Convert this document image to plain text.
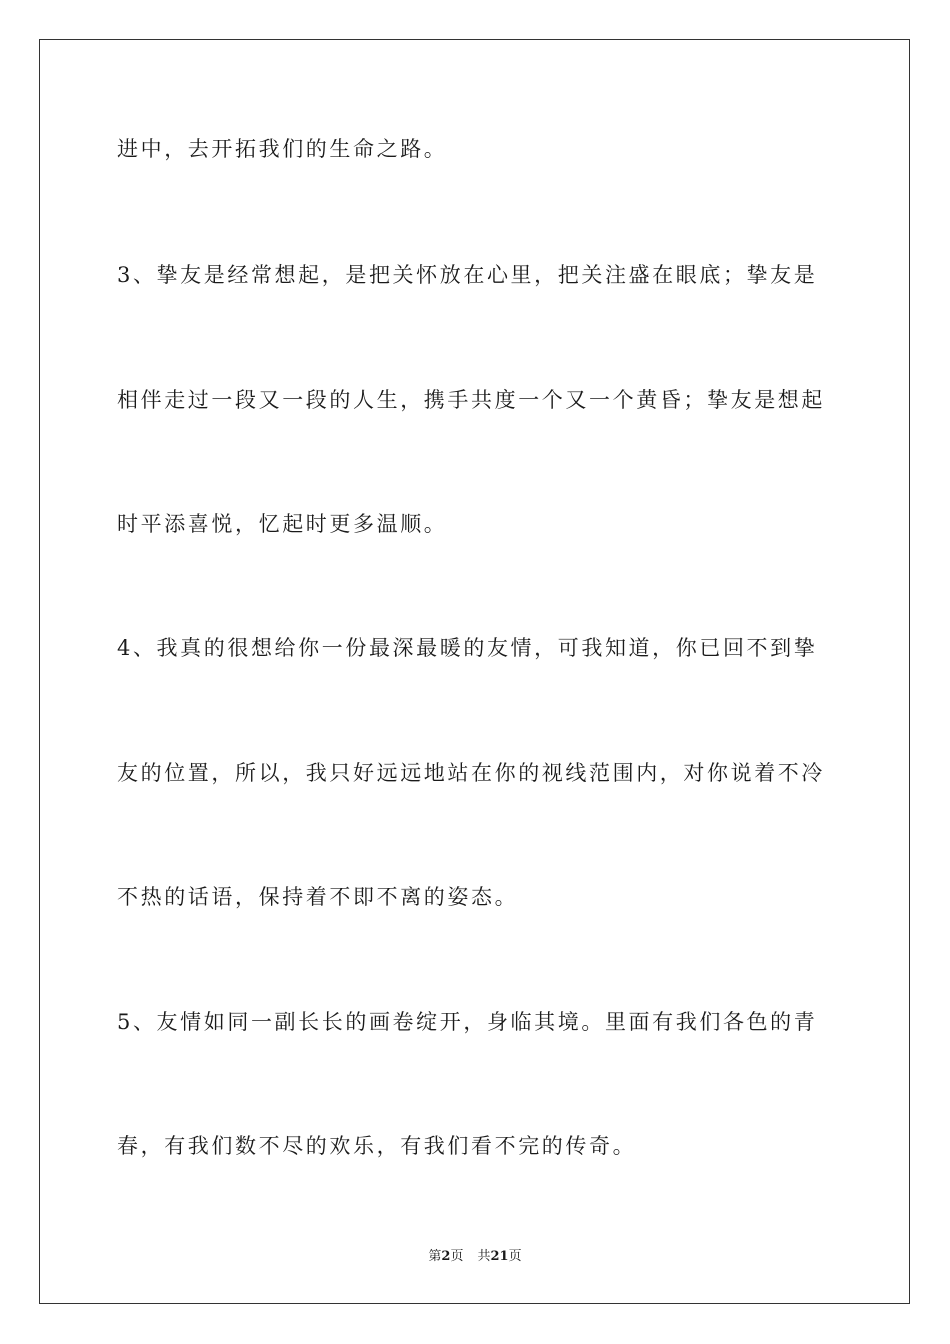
进中，去开拓我们的生命之路。
3、挚友是经常想起，是把关怀放在心里，把关注盛在眼底；挚友是
相伴走过一段又一段的人生，携手共度一个又一个黄昏；挚友是想起
时平添喜悦，忆起时更多温顺。
4、我真的很想给你一份最深最暖的友情，可我知道，你已回不到挚
友的位置，所以，我只好远远地站在你的视线范围内，对你说着不冷
不热的话语，保持着不即不离的姿态。
5、友情如同一副长长的画卷绽开，身临其境。里面有我们各色的青
春，有我们数不尽的欢乐，有我们看不完的传奇。
第2页 共21页
